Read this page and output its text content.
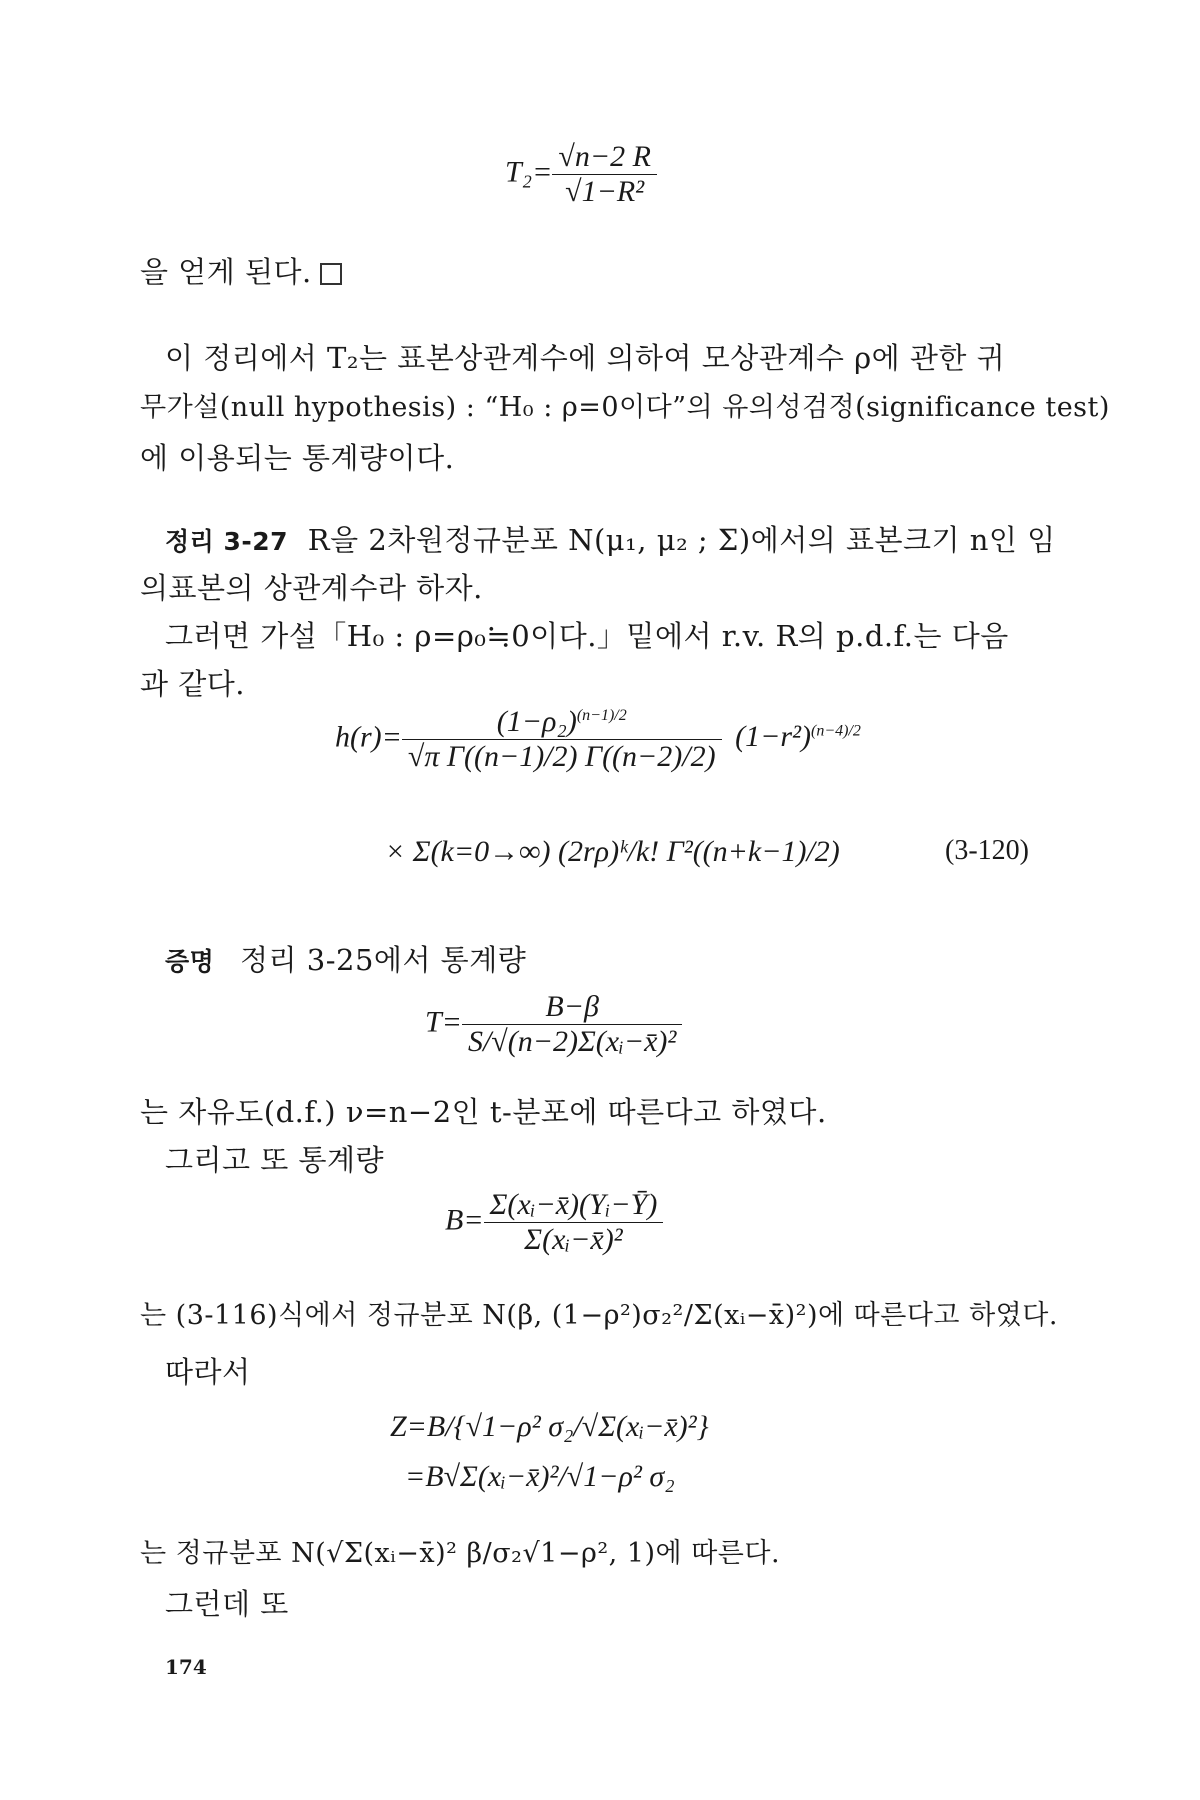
$T_2= \frac{√n-2 R}{\text{√1−R²}}$
을 얻게 된다.
이 정리에서 T₂는 표본상관계수에 의하여 모상관계수 ρ에 관한 귀
무가설(null hypothesis) : “H₀ : ρ=0이다”의 유의성검정(significance test)
에 이용되는 통계량이다.
정리 3-27 R을 2차원정규분포 N(μ₁, μ₂ ; Σ)에서의 표본크기 n인 임
의표본의 상관계수라 하자.
그러면 가설「H₀ : ρ=ρ₀≒0이다.」밑에서 r.v. R의 p.d.f.는 다음
과 같다.
$h(r)= \frac{(1-\rho_2)^{(n-1)/2}}{\text{√π Γ((n−1)/2) Γ((n−2)/2)}} (1-r^2)^{(n-4)/2}$
× Σ(k=0→∞) (2rρ)ᵏ/k! Γ²((n+k−1)/2)	(3-120)
증명 정리 3-25에서 통계량
$T= \frac{B-\beta}{\text{S/√(n−2)Σ(xᵢ−x̄)²}}$
는 자유도(d.f.) ν=n−2인 t-분포에 따른다고 하였다.
그리고 또 통계량
$B= \frac{\text{Σ(xᵢ−x̄)(Yᵢ−Ȳ)}}{\text{Σ(xᵢ−x̄)²}}$
는 (3-116)식에서 정규분포 N(β, (1−ρ²)σ₂²/Σ(xᵢ−x̄)²)에 따른다고 하였다.
따라서
Z=B/{√1−ρ² σ₂/√Σ(xᵢ−x̄)²}
=B√Σ(xᵢ−x̄)²/√1−ρ² σ₂
는 정규분포 N(√Σ(xᵢ−x̄)² β/σ₂√1−ρ², 1)에 따른다.
그런데 또
174
